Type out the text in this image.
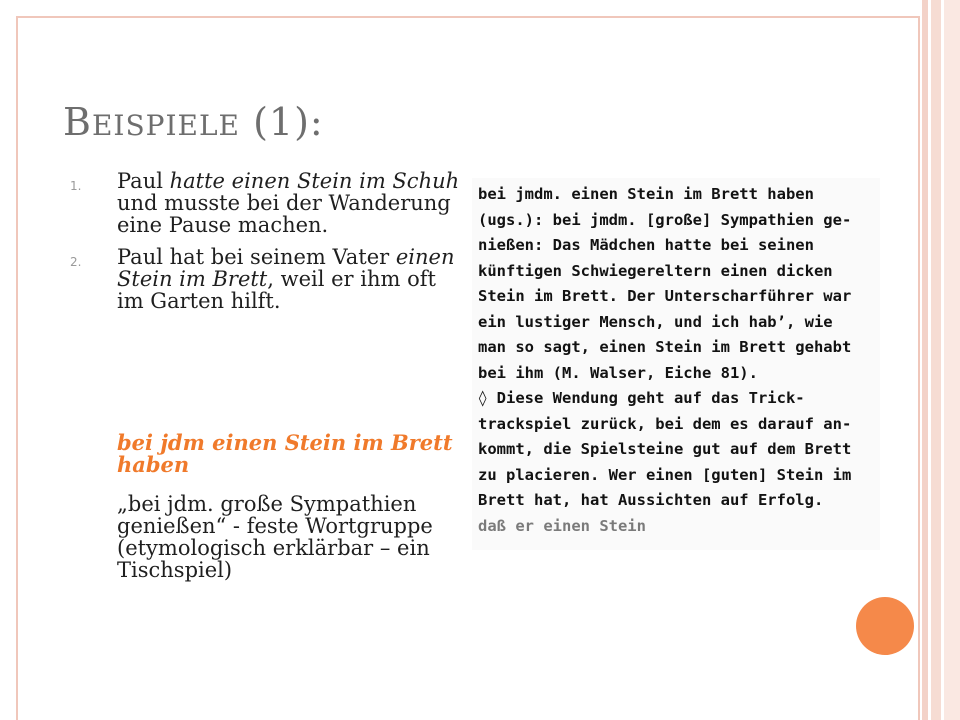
BEISPIELE (1):
1. Paul hatte einen Stein im Schuh und musste bei der Wanderung eine Pause machen.

2. Paul hat bei seinem Vater einen Stein im Brett, weil er ihm oft im Garten hilft.

bei jdm einen Stein im Brett haben
„bei jdm. große Sympathien genießen“ - feste Wortgruppe (etymologisch erklärbar – ein Tischspiel)
bei jmdm. einen Stein im Brett haben
(ugs.): bei jmdm. [große] Sympathien ge-
nießen: Das Mädchen hatte bei seinen
künftigen Schwiegereltern einen dicken
Stein im Brett. Der Unterscharführer war
ein lustiger Mensch, und ich hab’, wie
man so sagt, einen Stein im Brett gehabt
bei ihm (M. Walser, Eiche 81).
◊ Diese Wendung geht auf das Trick-
trackspiel zurück, bei dem es darauf an-
kommt, die Spielsteine gut auf dem Brett
zu placieren. Wer einen [guten] Stein im
Brett hat, hat Aussichten auf Erfolg.
daß er einen Stein
